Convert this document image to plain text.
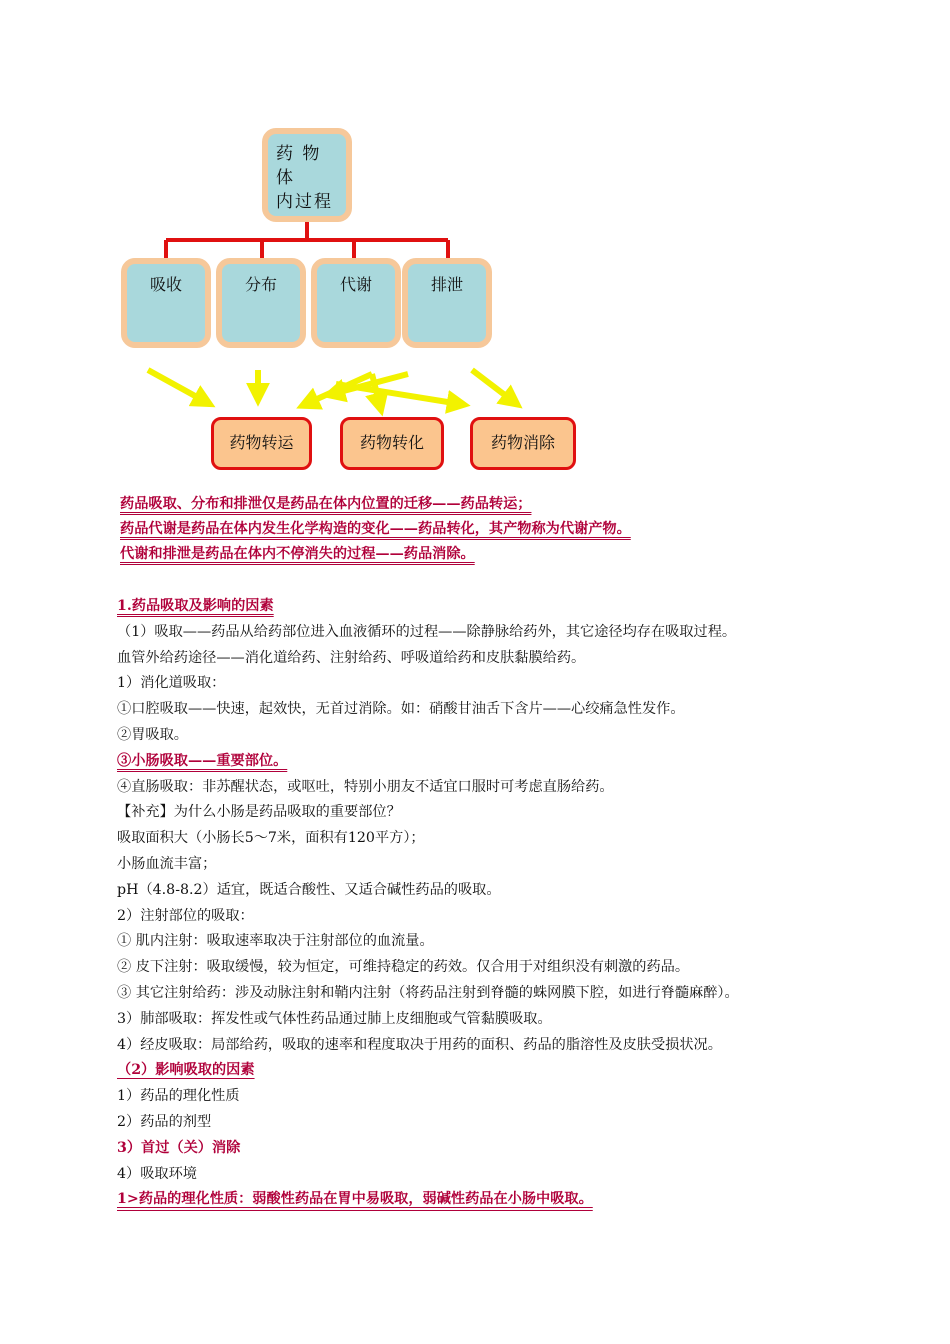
药 物 体
内过程
吸收	分布	代谢	排泄
药物转运	药物转化	药物消除
药品吸取、分布和排泄仅是药品在体内位置的迁移——药品转运；
药品代谢是药品在体内发生化学构造的变化——药品转化，其产物称为代谢产物。
代谢和排泄是药品在体内不停消失的过程——药品消除。
1.药品吸取及影响的因素
（1）吸取——药品从给药部位进入血液循环的过程——除静脉给药外，其它途径均存在吸取过程。
血管外给药途径——消化道给药、注射给药、呼吸道给药和皮肤黏膜给药。
1）消化道吸取：
①口腔吸取——快速，起效快，无首过消除。如：硝酸甘油舌下含片——心绞痛急性发作。
②胃吸取。
③小肠吸取——重要部位。
④直肠吸取：非苏醒状态，或呕吐，特别小朋友不适宜口服时可考虑直肠给药。
【补充】为什么小肠是药品吸取的重要部位？
吸取面积大（小肠长5～7米，面积有120平方）；
小肠血流丰富；
pH（4.8-8.2）适宜，既适合酸性、又适合碱性药品的吸取。
2）注射部位的吸取：
① 肌内注射：吸取速率取决于注射部位的血流量。
② 皮下注射：吸取缓慢，较为恒定，可维持稳定的药效。仅合用于对组织没有刺激的药品。
③ 其它注射给药：涉及动脉注射和鞘内注射（将药品注射到脊髓的蛛网膜下腔，如进行脊髓麻醉）。
3）肺部吸取：挥发性或气体性药品通过肺上皮细胞或气管黏膜吸取。
4）经皮吸取：局部给药，吸取的速率和程度取决于用药的面积、药品的脂溶性及皮肤受损状况。
（2）影响吸取的因素
1）药品的理化性质
2）药品的剂型
3）首过（关）消除
4）吸取环境
1>药品的理化性质：弱酸性药品在胃中易吸取，弱碱性药品在小肠中吸取。
